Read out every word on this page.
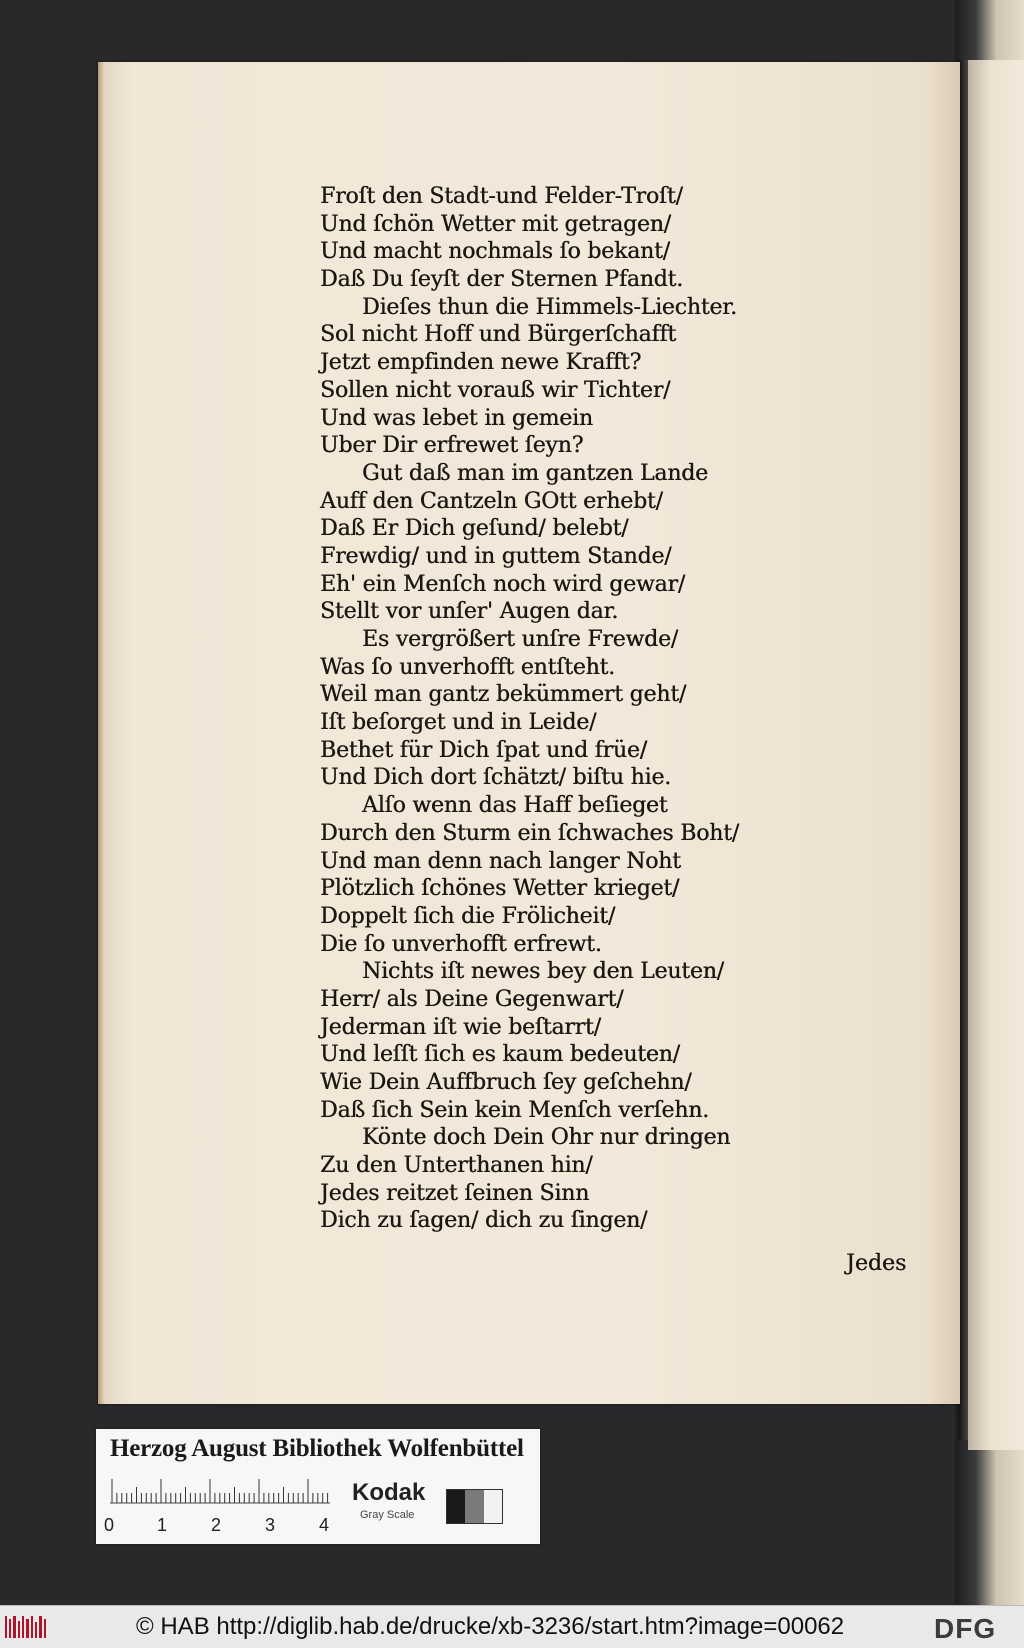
Froſt den Stadt-und Felder-Troſt/
Und ſchön Wetter mit getragen/
Und macht nochmals ſo bekant/
Daß Du ſeyſt der Sternen Pfandt.
Dieſes thun die Himmels-Liechter.
Sol nicht Hoff und Bürgerſchafft
Jetzt empfinden newe Krafft?
Sollen nicht vorauß wir Tichter/
Und was lebet in gemein
Uber Dir erfrewet ſeyn?
Gut daß man im gantzen Lande
Auff den Cantzeln GOtt erhebt/
Daß Er Dich geſund/ belebt/
Frewdig/ und in guttem Stande/
Eh' ein Menſch noch wird gewar/
Stellt vor unſer' Augen dar.
Es vergrößert unſre Frewde/
Was ſo unverhofft entſteht.
Weil man gantz bekümmert geht/
Iſt beſorget und in Leide/
Bethet für Dich ſpat und früe/
Und Dich dort ſchätzt/ biſtu hie.
Alſo wenn das Haff beſieget
Durch den Sturm ein ſchwaches Boht/
Und man denn nach langer Noht
Plötzlich ſchönes Wetter krieget/
Doppelt ſich die Frölicheit/
Die ſo unverhofft erfrewt.
Nichts iſt newes bey den Leuten/
Herr/ als Deine Gegenwart/
Jederman iſt wie beſtarrt/
Und leſſt ſich es kaum bedeuten/
Wie Dein Auffbruch ſey geſchehn/
Daß ſich Sein kein Menſch verſehn.
Könte doch Dein Ohr nur dringen
Zu den Unterthanen hin/
Jedes reitzet ſeinen Sinn
Dich zu ſagen/ dich zu ſingen/
Jedes
Herzog August Bibliothek Wolfenbüttel
0 1 2 3 4
Kodak
Gray Scale
© HAB http://diglib.hab.de/drucke/xb-3236/start.htm?image=00062	DFG
